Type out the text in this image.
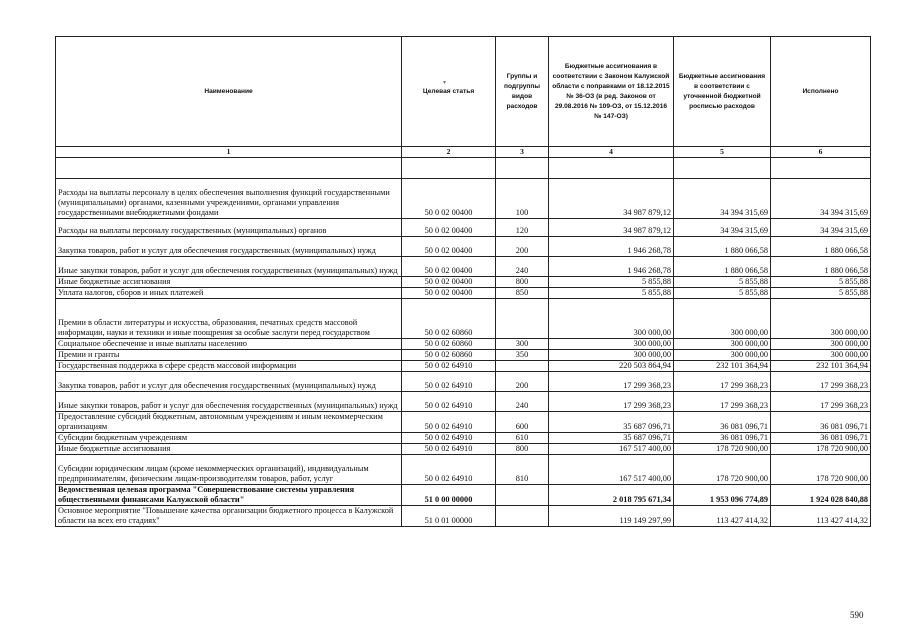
Наименование	Целевая статья	Группы и подгруппы видов расходов	Бюджетные ассигнования в соответствии с Законом Калужской области с поправками от 18.12.2015 № 36-ОЗ (в ред. Законов от 29.08.2016 № 109-ОЗ, от 15.12.2016 № 147-ОЗ)	Бюджетные ассигнования в соответствии с уточненной бюджетной росписью расходов	Исполнено
1	2	3	4	5	6

Расходы на выплаты персоналу в целях обеспечения выполнения функций государственными (муниципальными) органами, казенными учреждениями, органами управления государственными внебюджетными фондами	50 0 02 00400	100	34 987 879,12	34 394 315,69	34 394 315,69
Расходы на выплаты персоналу государственных (муниципальных) органов	50 0 02 00400	120	34 987 879,12	34 394 315,69	34 394 315,69
Закупка товаров, работ и услуг для обеспечения государственных (муниципальных) нужд	50 0 02 00400	200	1 946 268,78	1 880 066,58	1 880 066,58
Иные закупки товаров, работ и услуг для обеспечения государственных (муниципальных) нужд	50 0 02 00400	240	1 946 268,78	1 880 066,58	1 880 066,58
Иные бюджетные ассигнования	50 0 02 00400	800	5 855,88	5 855,88	5 855,88
Уплата налогов, сборов и иных платежей	50 0 02 00400	850	5 855,88	5 855,88	5 855,88
Премии в области литературы и искусства, образования, печатных средств массовой информации, науки и техники и иные поощрения за особые заслуги перед государством	50 0 02 60860		300 000,00	300 000,00	300 000,00
Социальное обеспечение и иные выплаты населению	50 0 02 60860	300	300 000,00	300 000,00	300 000,00
Премии и гранты	50 0 02 60860	350	300 000,00	300 000,00	300 000,00
Государственная поддержка в сфере средств массовой информации	50 0 02 64910		220 503 864,94	232 101 364,94	232 101 364,94
Закупка товаров, работ и услуг для обеспечения государственных (муниципальных) нужд	50 0 02 64910	200	17 299 368,23	17 299 368,23	17 299 368,23
Иные закупки товаров, работ и услуг для обеспечения государственных (муниципальных) нужд	50 0 02 64910	240	17 299 368,23	17 299 368,23	17 299 368,23
Предоставление субсидий бюджетным, автономным учреждениям и иным некоммерческим организациям	50 0 02 64910	600	35 687 096,71	36 081 096,71	36 081 096,71
Субсидии бюджетным учреждениям	50 0 02 64910	610	35 687 096,71	36 081 096,71	36 081 096,71
Иные бюджетные ассигнования	50 0 02 64910	800	167 517 400,00	178 720 900,00	178 720 900,00
Субсидии юридическим лицам (кроме некоммерческих организаций), индивидуальным предпринимателям, физическим лицам-производителям товаров, работ, услуг	50 0 02 64910	810	167 517 400,00	178 720 900,00	178 720 900,00
Ведомственная целевая программа "Совершенствование системы управления общественными финансами Калужской области"	51 0 00 00000		2 018 795 671,34	1 953 096 774,89	1 924 028 840,88
Основное мероприятие "Повышение качества организации бюджетного процесса в Калужской области на всех его стадиях"	51 0 01 00000		119 149 297,99	113 427 414,32	113 427 414,32
▾
590
